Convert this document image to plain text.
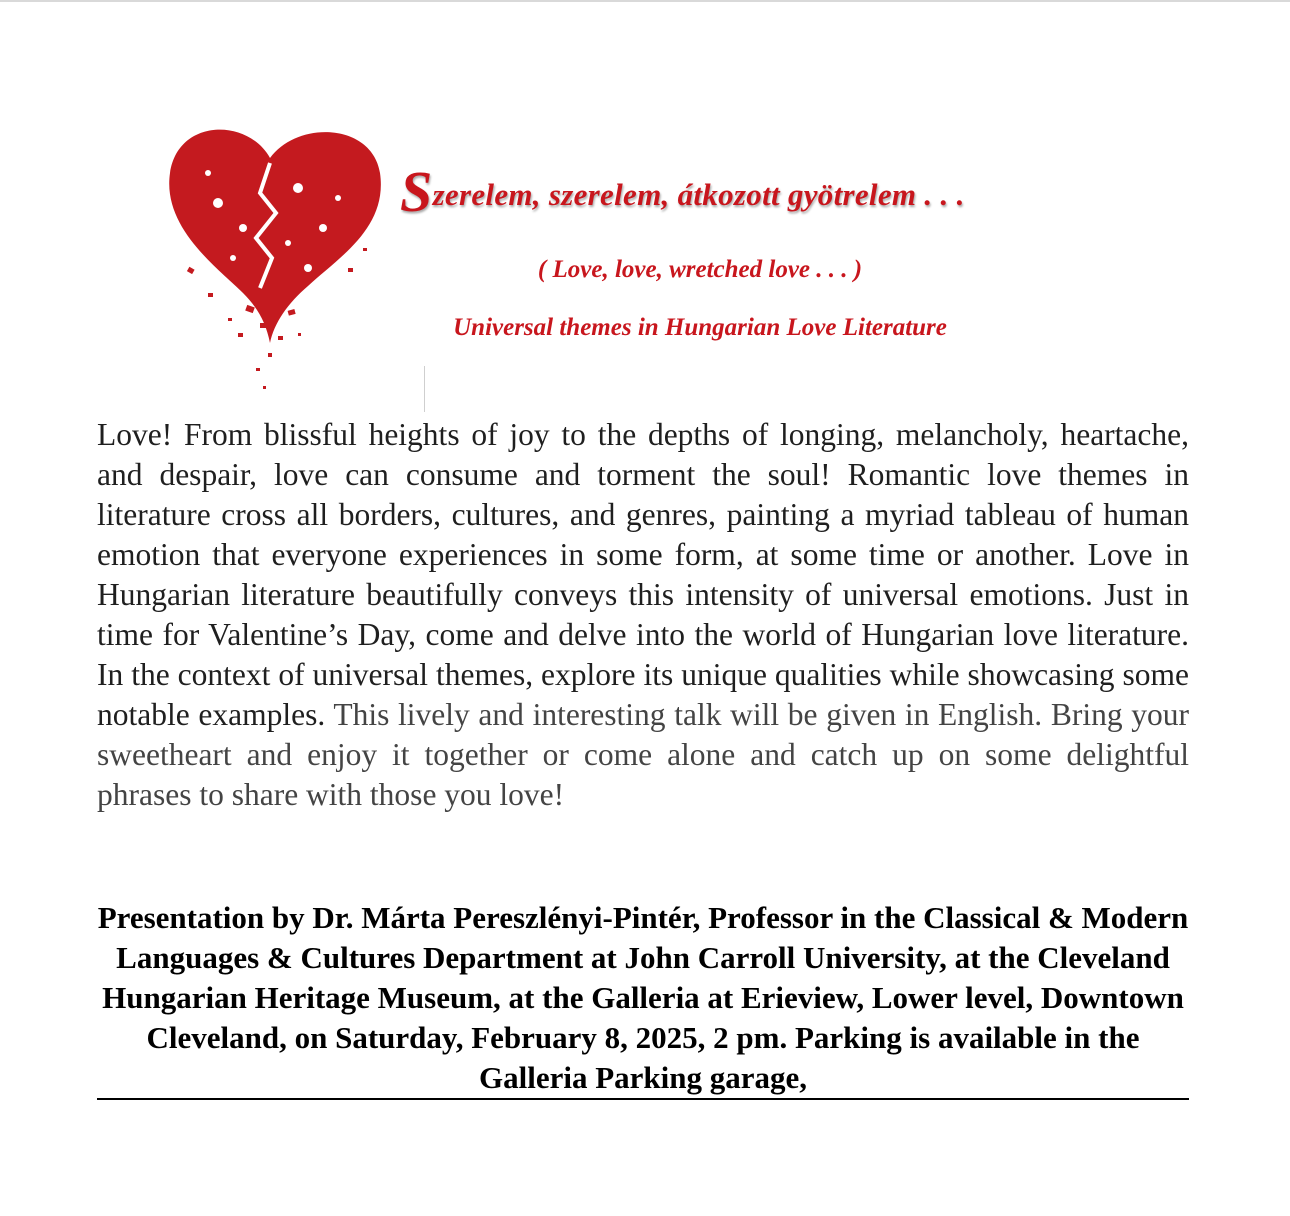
Szerelem, szerelem, átkozott gyötrelem . . .
( Love, love, wretched love . . . )
Universal themes in Hungarian Love Literature

Love! From blissful heights of joy to the depths of longing, melancholy, heartache, and despair, love can consume and torment the soul! Romantic love themes in literature cross all borders, cultures, and genres, painting a myriad tableau of human emotion that everyone experiences in some form, at some time or another. Love in Hungarian literature beautifully conveys this intensity of universal emotions. Just in time for Valentine’s Day, come and delve into the world of Hungarian love literature. In the context of universal themes, explore its unique qualities while showcasing some notable examples. This lively and interesting talk will be given in English. Bring your sweetheart and enjoy it together or come alone and catch up on some delightful phrases to share with those you love!

Presentation by Dr. Márta Pereszlényi-Pintér, Professor in the Classical & Modern Languages & Cultures Department at John Carroll University, at the Cleveland Hungarian Heritage Museum, at the Galleria at Erieview, Lower level, Downtown Cleveland, on Saturday, February 8, 2025, 2 pm. Parking is available in the Galleria Parking garage,
